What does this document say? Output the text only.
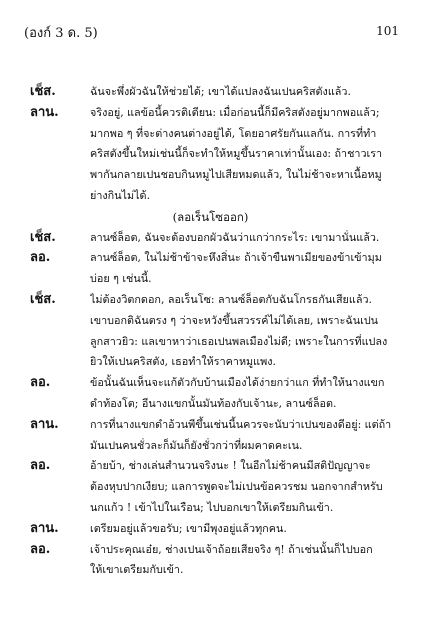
(องก์ 3 ด. 5)	101
เช็ส.	ฉันจะพึ่งผัวฉันให้ช่วยได้; เขาได้แปลงฉันเปนคริสตังแล้ว.
ลาน.	จริงอยู่, แลข้อนี้ควรติเตียน: เมื่อก่อนนี้ก็มีคริสตังอยู่มากพอแล้ว;
มากพอ ๆ ที่จะต่างคนต่างอยู่ได้, โดยอาศรัยกันแลกัน. การที่ทำ
คริสตังขึ้นใหม่เช่นนี้ก็จะทำให้หมูขึ้นราคาเท่านั้นเอง: ถ้าชาวเรา
พากันกลายเปนชอบกินหมูไปเสียหมดแล้ว, ในไม่ช้าจะหาเนื้อหมู
ย่างกินไม่ได้.
(ลอเร็นโซออก)
เช็ส.	ลานซ์ล็อต, ฉันจะต้องบอกผัวฉันว่าแกว่ากระไร: เขามานั่นแล้ว.
ลอ.	ลานซ์ล็อต, ในไม่ช้าข้าจะหึงสิ่นะ ถ้าเจ้าขืนพาเมียของข้าเข้ามุม
บ่อย ๆ เช่นนี้.
เช็ส.	ไม่ต้องวิตกดอก, ลอเร็นโซ: ลานซ์ล็อตกับฉันโกรธกันเสียแล้ว.
เขาบอกติฉันตรง ๆ ว่าจะหวังขึ้นสวรรค์ไม่ได้เลย, เพราะฉันเปน
ลูกสาวยิว: แลเขาหาว่าเธอเปนพลเมืองไม่ดี; เพราะในการที่แปลง
ยิวให้เปนคริสตัง, เธอทำให้ราคาหมูแพง.
ลอ.	ข้อนั้นฉันเห็นจะแก้ตัวกับบ้านเมืองได้ง่ายกว่าแก ที่ทำให้นางแขก
ดำท้องโต; อีนางแขกนั้นมันท้องกับเจ้านะ, ลานซ์ล็อต.
ลาน.	การที่นางแขกดำอ้วนพีขึ้นเช่นนี้นควรจะนับว่าเปนของดีอยู่: แต่ถ้า
มันเปนคนชั่วละก็มันก็ยังชั่วกว่าที่ผมคาดคะเน.
ลอ.	อ้ายบ้า, ช่างเล่นสำนวนจริงนะ ! ในอีกไม่ช้าคนมีสติปัญญาจะ
ต้องหุบปากเงียบ; แลการพูดจะไม่เปนข้อควรชม นอกจากสำหรับ
นกแก้ว ! เข้าไปในเรือน; ไปบอกเขาให้เตรียมกินเข้า.
ลาน.	เตรียมอยู่แล้วขอรับ; เขามีพุงอยู่แล้วทุกคน.
ลอ.	เจ้าประคุณเอ๋ย, ช่างเปนเจ้าถ้อยเสียจริง ๆ! ถ้าเช่นนั้นก็ไปบอก
ให้เขาเตรียมกับเข้า.
